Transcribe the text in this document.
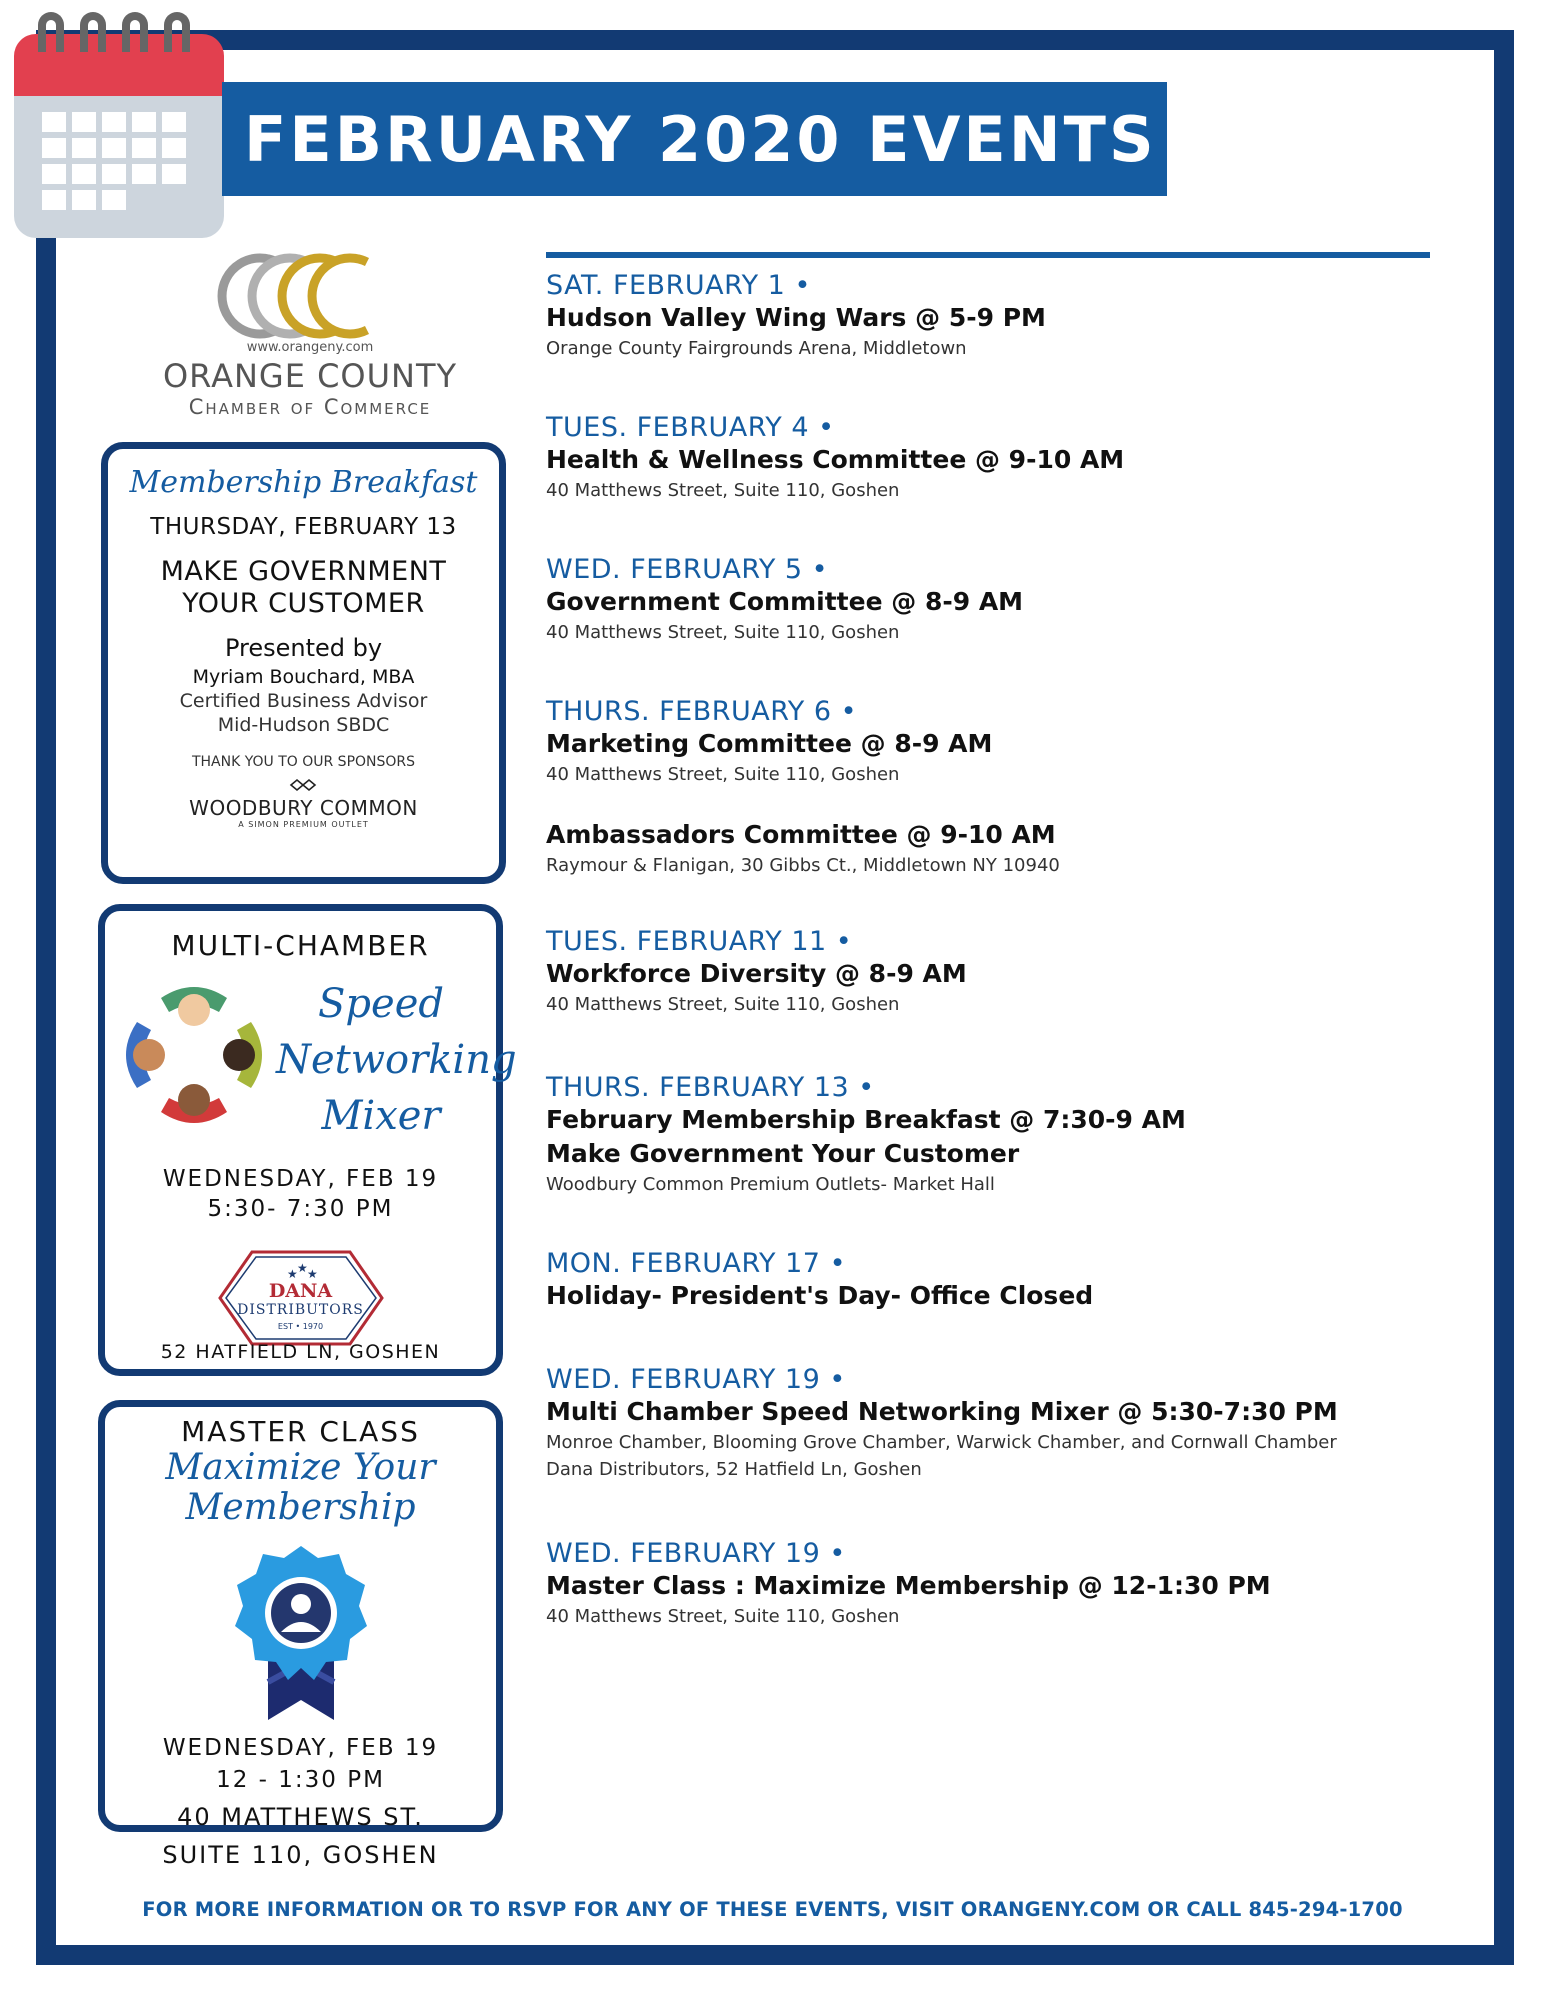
FEBRUARY 2020 EVENTS
www.orangeny.com
ORANGE COUNTY
Chamber of Commerce
Membership Breakfast
THURSDAY, FEBRUARY 13
MAKE GOVERNMENT
YOUR CUSTOMER
Presented by
Myriam Bouchard, MBA
Certified Business Advisor
Mid-Hudson SBDC
THANK YOU TO OUR SPONSORS
WOODBURY COMMON
A SIMON PREMIUM OUTLET
MULTI-CHAMBER
Speed
Networking
Mixer
WEDNESDAY, FEB 19
5:30- 7:30 PM
★ ★ ★
DANA
DISTRIBUTORS
EST • 1970
52 HATFIELD LN, GOSHEN
MASTER CLASS
Maximize Your
Membership
WEDNESDAY, FEB 19
12 - 1:30 PM
40 MATTHEWS ST.
SUITE 110, GOSHEN
SAT. FEBRUARY 1 •
Hudson Valley Wing Wars @ 5-9 PM
Orange County Fairgrounds Arena, Middletown
TUES. FEBRUARY 4 •
Health & Wellness Committee @ 9-10 AM
40 Matthews Street, Suite 110, Goshen
WED. FEBRUARY 5 •
Government Committee @ 8-9 AM
40 Matthews Street, Suite 110, Goshen
THURS. FEBRUARY 6 •
Marketing Committee @ 8-9 AM
40 Matthews Street, Suite 110, Goshen
Ambassadors Committee @ 9-10 AM
Raymour & Flanigan, 30 Gibbs Ct., Middletown NY 10940
TUES. FEBRUARY 11 •
Workforce Diversity @ 8-9 AM
40 Matthews Street, Suite 110, Goshen
THURS. FEBRUARY 13 •
February Membership Breakfast @ 7:30-9 AM
Make Government Your Customer
Woodbury Common Premium Outlets- Market Hall
MON. FEBRUARY 17 •
Holiday- President's Day- Office Closed
WED. FEBRUARY 19 •
Multi Chamber Speed Networking Mixer @ 5:30-7:30 PM
Monroe Chamber, Blooming Grove Chamber, Warwick Chamber, and Cornwall Chamber
Dana Distributors, 52 Hatfield Ln, Goshen
WED. FEBRUARY 19 •
Master Class : Maximize Membership @ 12-1:30 PM
40 Matthews Street, Suite 110, Goshen
FOR MORE INFORMATION OR TO RSVP FOR ANY OF THESE EVENTS, VISIT ORANGENY.COM OR CALL 845-294-1700
